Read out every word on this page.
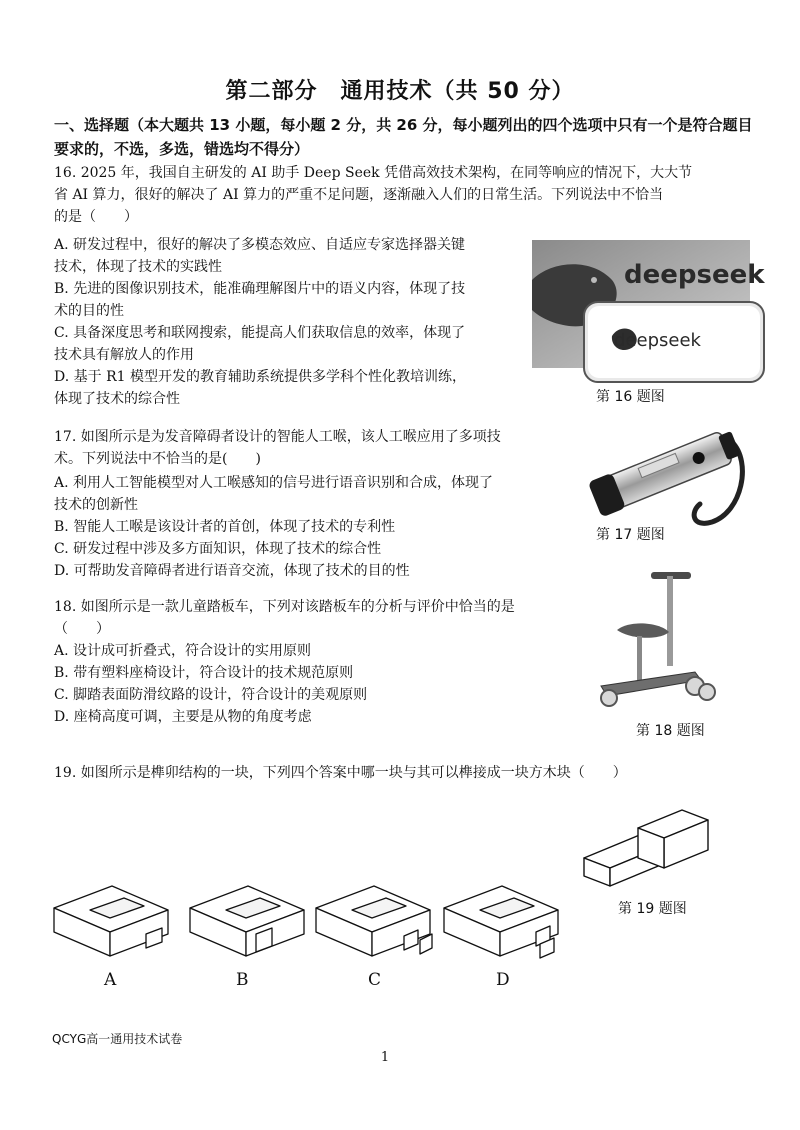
第二部分　通用技术（共 50 分）
一、选择题（本大题共 13 小题，每小题 2 分，共 26 分，每小题列出的四个选项中只有一个是符合题目要求的，不选，多选，错选均不得分）
16. 2025 年，我国自主研发的 AI 助手 Deep Seek 凭借高效技术架构，在同等响应的情况下，大大节
省 AI 算力，很好的解决了 AI 算力的严重不足问题，逐渐融入人们的日常生活。下列说法中不恰当
的是（　　）
A. 研发过程中，很好的解决了多模态效应、自适应专家选择器关键
技术，体现了技术的实践性
B. 先进的图像识别技术，能准确理解图片中的语义内容，体现了技
术的目的性
C. 具备深度思考和联网搜索，能提高人们获取信息的效率，体现了
技术具有解放人的作用
D. 基于 R1 模型开发的教育辅助系统提供多学科个性化教培训练，
体现了技术的综合性
deepseek
deepseek
第 16 题图
17. 如图所示是为发音障碍者设计的智能人工喉，该人工喉应用了多项技
术。下列说法中不恰当的是(　　)
A. 利用人工智能模型对人工喉感知的信号进行语音识别和合成，体现了
技术的创新性
B. 智能人工喉是该设计者的首创，体现了技术的专利性
C. 研发过程中涉及多方面知识，体现了技术的综合性
D. 可帮助发音障碍者进行语音交流，体现了技术的目的性
第 17 题图
18. 如图所示是一款儿童踏板车，下列对该踏板车的分析与评价中恰当的是
（　　）
A. 设计成可折叠式，符合设计的实用原则
B. 带有塑料座椅设计，符合设计的技术规范原则
C. 脚踏表面防滑纹路的设计，符合设计的美观原则
D. 座椅高度可调，主要是从物的角度考虑
第 18 题图
19. 如图所示是榫卯结构的一块，下列四个答案中哪一块与其可以榫接成一块方木块（　　）
第 19 题图
A	B	C	D
QCYG高一通用技术试卷
1
